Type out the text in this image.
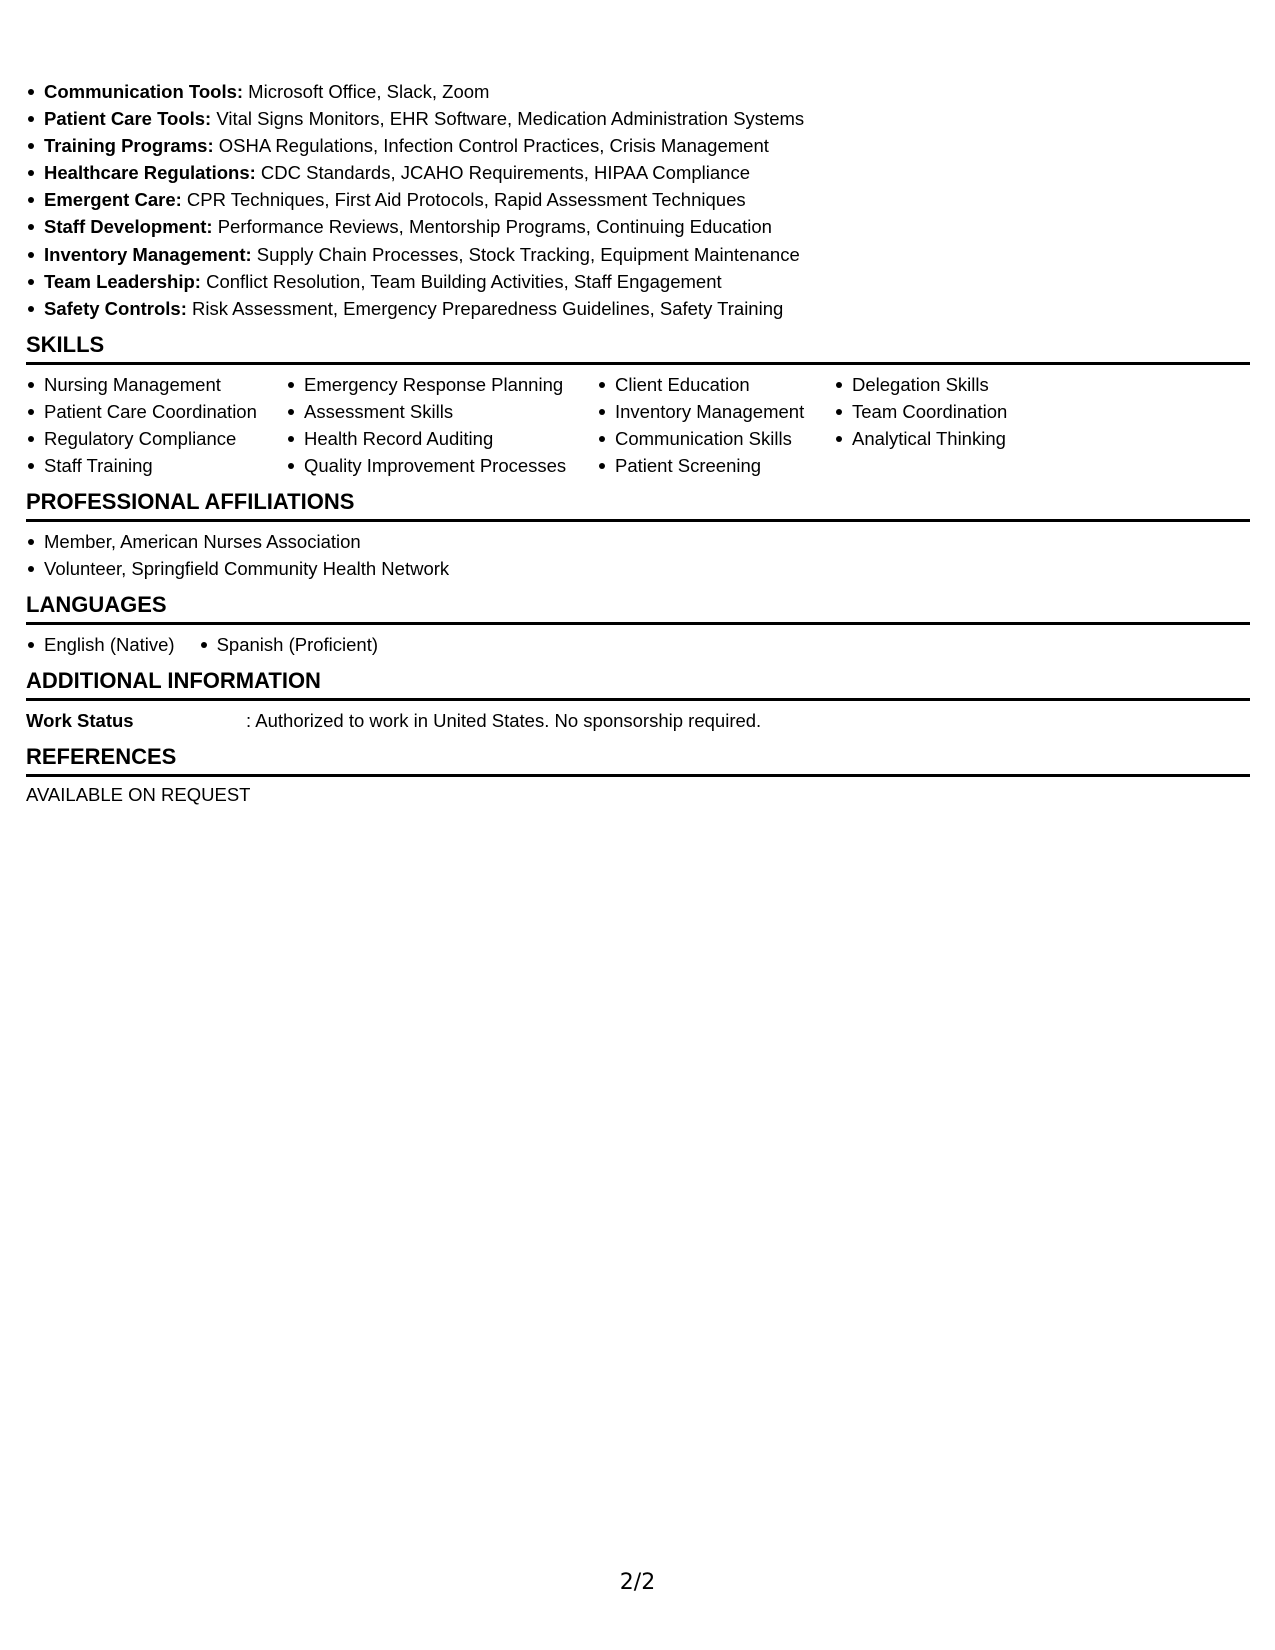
Communication Tools: Microsoft Office, Slack, Zoom
Patient Care Tools: Vital Signs Monitors, EHR Software, Medication Administration Systems
Training Programs: OSHA Regulations, Infection Control Practices, Crisis Management
Healthcare Regulations: CDC Standards, JCAHO Requirements, HIPAA Compliance
Emergent Care: CPR Techniques, First Aid Protocols, Rapid Assessment Techniques
Staff Development: Performance Reviews, Mentorship Programs, Continuing Education
Inventory Management: Supply Chain Processes, Stock Tracking, Equipment Maintenance
Team Leadership: Conflict Resolution, Team Building Activities, Staff Engagement
Safety Controls: Risk Assessment, Emergency Preparedness Guidelines, Safety Training
SKILLS
Nursing Management
Patient Care Coordination
Regulatory Compliance
Staff Training
Emergency Response Planning
Assessment Skills
Health Record Auditing
Quality Improvement Processes
Client Education
Inventory Management
Communication Skills
Patient Screening
Delegation Skills
Team Coordination
Analytical Thinking
PROFESSIONAL AFFILIATIONS
Member, American Nurses Association
Volunteer, Springfield Community Health Network
LANGUAGES
English (Native)	Spanish (Proficient)
ADDITIONAL INFORMATION
Work Status	: Authorized to work in United States. No sponsorship required.
REFERENCES
AVAILABLE ON REQUEST
2/2
